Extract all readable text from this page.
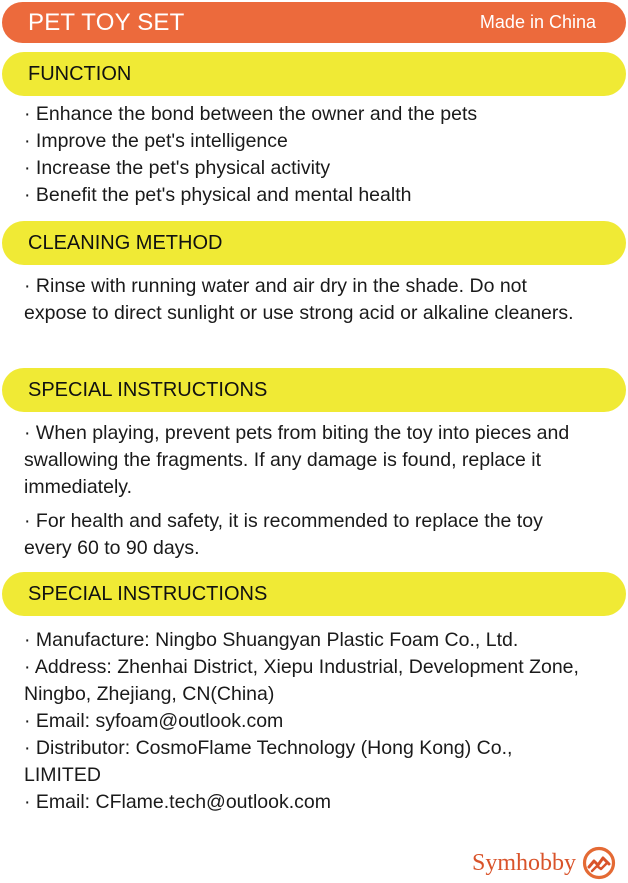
PET TOY SET	Made in China
FUNCTION
· Enhance the bond between the owner and the pets
· Improve the pet's intelligence
· Increase the pet's physical activity
· Benefit the pet's physical and mental health
CLEANING METHOD
· Rinse with running water and air dry in the shade. Do not
expose to direct sunlight or use strong acid or alkaline cleaners.
SPECIAL INSTRUCTIONS
· When playing, prevent pets from biting the toy into pieces and
swallowing the fragments. If any damage is found, replace it
immediately.
· For health and safety, it is recommended to replace the toy
every 60 to 90 days.
SPECIAL INSTRUCTIONS
· Manufacture: Ningbo Shuangyan Plastic Foam Co., Ltd.
· Address: Zhenhai District, Xiepu Industrial, Development Zone,
Ningbo, Zhejiang, CN(China)
· Email: syfoam@outlook.com
· Distributor: CosmoFlame Technology (Hong Kong) Co.,
LIMITED
· Email: CFlame.tech@outlook.com
Symhobby
